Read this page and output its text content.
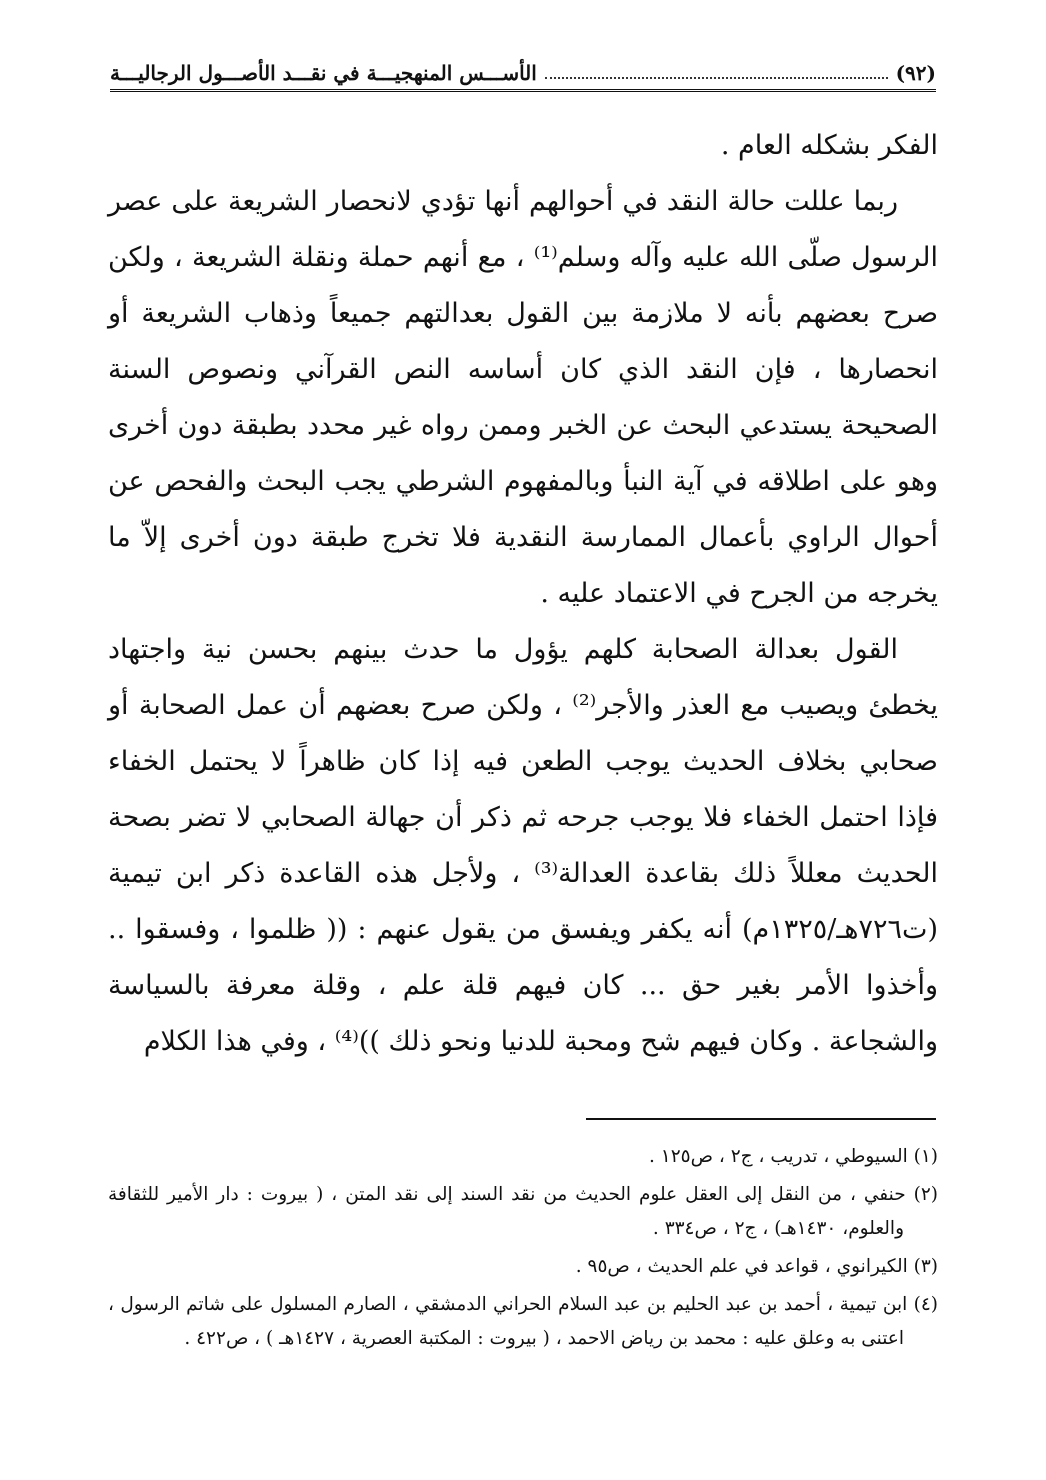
(٩٢)
الأســـس المنهجيـــة في نقـــد الأصـــول الرجاليـــة

الفكر بشكله العام .

ربما عللت حالة النقد في أحوالهم أنها تؤدي لانحصار الشريعة على عصر الرسول صلّى الله عليه وآله وسلم⁽¹⁾ ، مع أنهم حملة ونقلة الشريعة ، ولكن صرح بعضهم بأنه لا ملازمة بين القول بعدالتهم جميعاً وذهاب الشريعة أو انحصارها ، فإن النقد الذي كان أساسه النص القرآني ونصوص السنة الصحيحة يستدعي البحث عن الخبر وممن رواه غير محدد بطبقة دون أخرى وهو على اطلاقه في آية النبأ وبالمفهوم الشرطي يجب البحث والفحص عن أحوال الراوي بأعمال الممارسة النقدية فلا تخرج طبقة دون أخرى إلاّ ما يخرجه من الجرح في الاعتماد عليه .

القول بعدالة الصحابة كلهم يؤول ما حدث بينهم بحسن نية واجتهاد يخطئ ويصيب مع العذر والأجر⁽²⁾ ، ولكن صرح بعضهم أن عمل الصحابة أو صحابي بخلاف الحديث يوجب الطعن فيه إذا كان ظاهراً لا يحتمل الخفاء فإذا احتمل الخفاء فلا يوجب جرحه ثم ذكر أن جهالة الصحابي لا تضر بصحة الحديث معللاً ذلك بقاعدة العدالة⁽³⁾ ، ولأجل هذه القاعدة ذكر ابن تيمية (ت٧٢٦هـ/١٣٢٥م) أنه يكفر ويفسق من يقول عنهم : (( ظلموا ، وفسقوا .. وأخذوا الأمر بغير حق ... كان فيهم قلة علم ، وقلة معرفة بالسياسة والشجاعة . وكان فيهم شح ومحبة للدنيا ونحو ذلك ))⁽⁴⁾ ، وفي هذا الكلام

(١) السيوطي ، تدريب ، ج٢ ، ص١٢٥ .

(٢) حنفي ، من النقل إلى العقل علوم الحديث من نقد السند إلى نقد المتن ، ( بيروت : دار الأمير للثقافة والعلوم، ١٤٣٠هـ) ، ج٢ ، ص٣٣٤ .

(٣) الكيرانوي ، قواعد في علم الحديث ، ص٩٥ .

(٤) ابن تيمية ، أحمد بن عبد الحليم بن عبد السلام الحراني الدمشقي ، الصارم المسلول على شاتم الرسول ، اعتنى به وعلق عليه : محمد بن رياض الاحمد ، ( بيروت : المكتبة العصرية ، ١٤٢٧هـ ) ، ص٤٢٢ .
